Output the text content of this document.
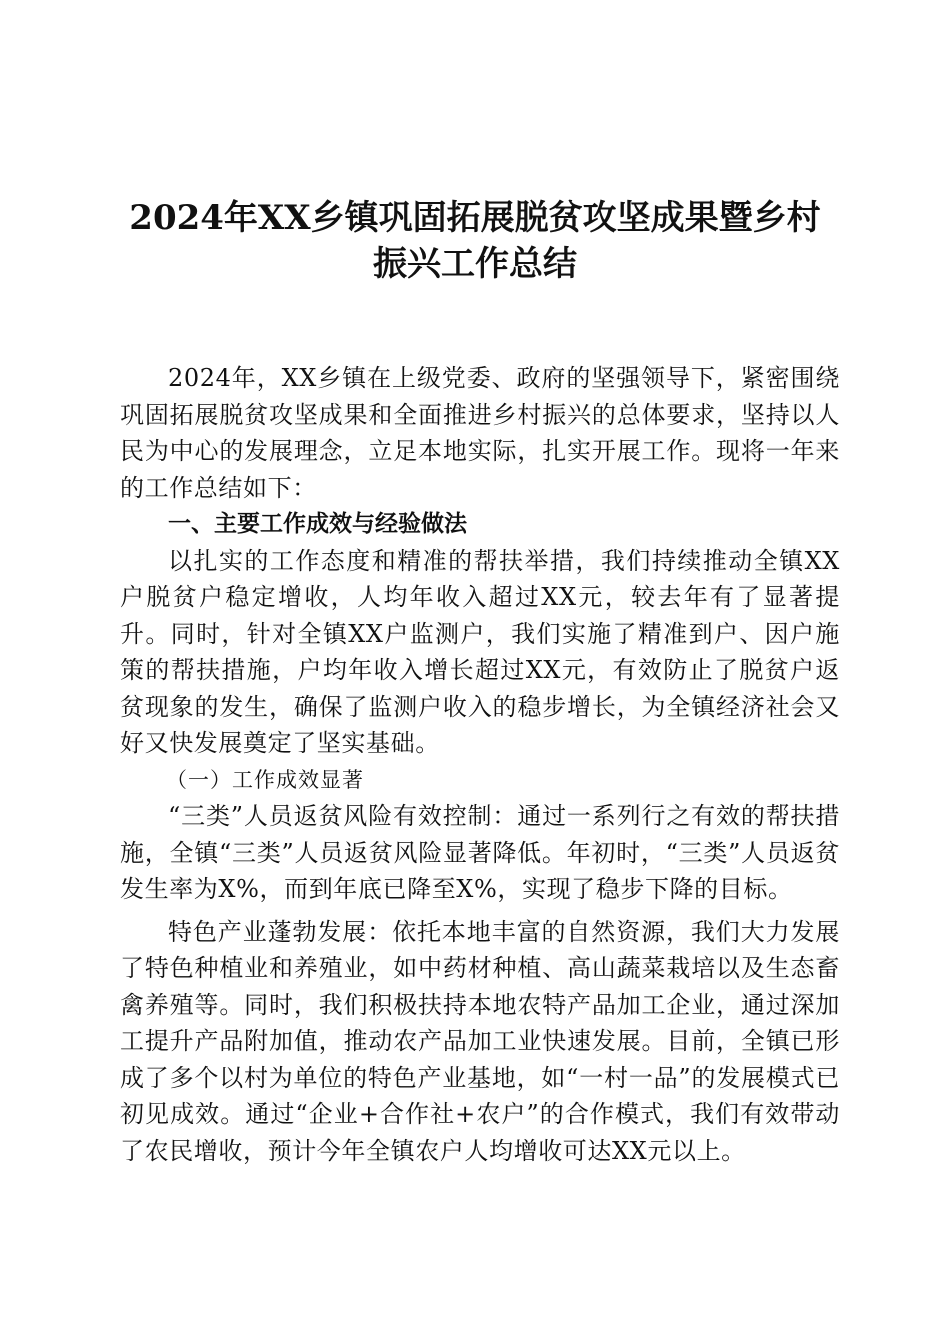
2024年XX乡镇巩固拓展脱贫攻坚成果暨乡村
振兴工作总结

2024年，XX乡镇在上级党委、政府的坚强领导下，紧密围绕巩固拓展脱贫攻坚成果和全面推进乡村振兴的总体要求，坚持以人民为中心的发展理念，立足本地实际，扎实开展工作。现将一年来的工作总结如下：

一、主要工作成效与经验做法

以扎实的工作态度和精准的帮扶举措，我们持续推动全镇XX户脱贫户稳定增收，人均年收入超过XX元，较去年有了显著提升。同时，针对全镇XX户监测户，我们实施了精准到户、因户施策的帮扶措施，户均年收入增长超过XX元，有效防止了脱贫户返贫现象的发生，确保了监测户收入的稳步增长，为全镇经济社会又好又快发展奠定了坚实基础。

（一）工作成效显著

“三类”人员返贫风险有效控制：通过一系列行之有效的帮扶措施，全镇“三类”人员返贫风险显著降低。年初时，“三类”人员返贫发生率为X%，而到年底已降至X%，实现了稳步下降的目标。

特色产业蓬勃发展：依托本地丰富的自然资源，我们大力发展了特色种植业和养殖业，如中药材种植、高山蔬菜栽培以及生态畜禽养殖等。同时，我们积极扶持本地农特产品加工企业，通过深加工提升产品附加值，推动农产品加工业快速发展。目前，全镇已形成了多个以村为单位的特色产业基地，如“一村一品”的发展模式已初见成效。通过“企业+合作社+农户”的合作模式，我们有效带动了农民增收，预计今年全镇农户人均增收可达XX元以上。
